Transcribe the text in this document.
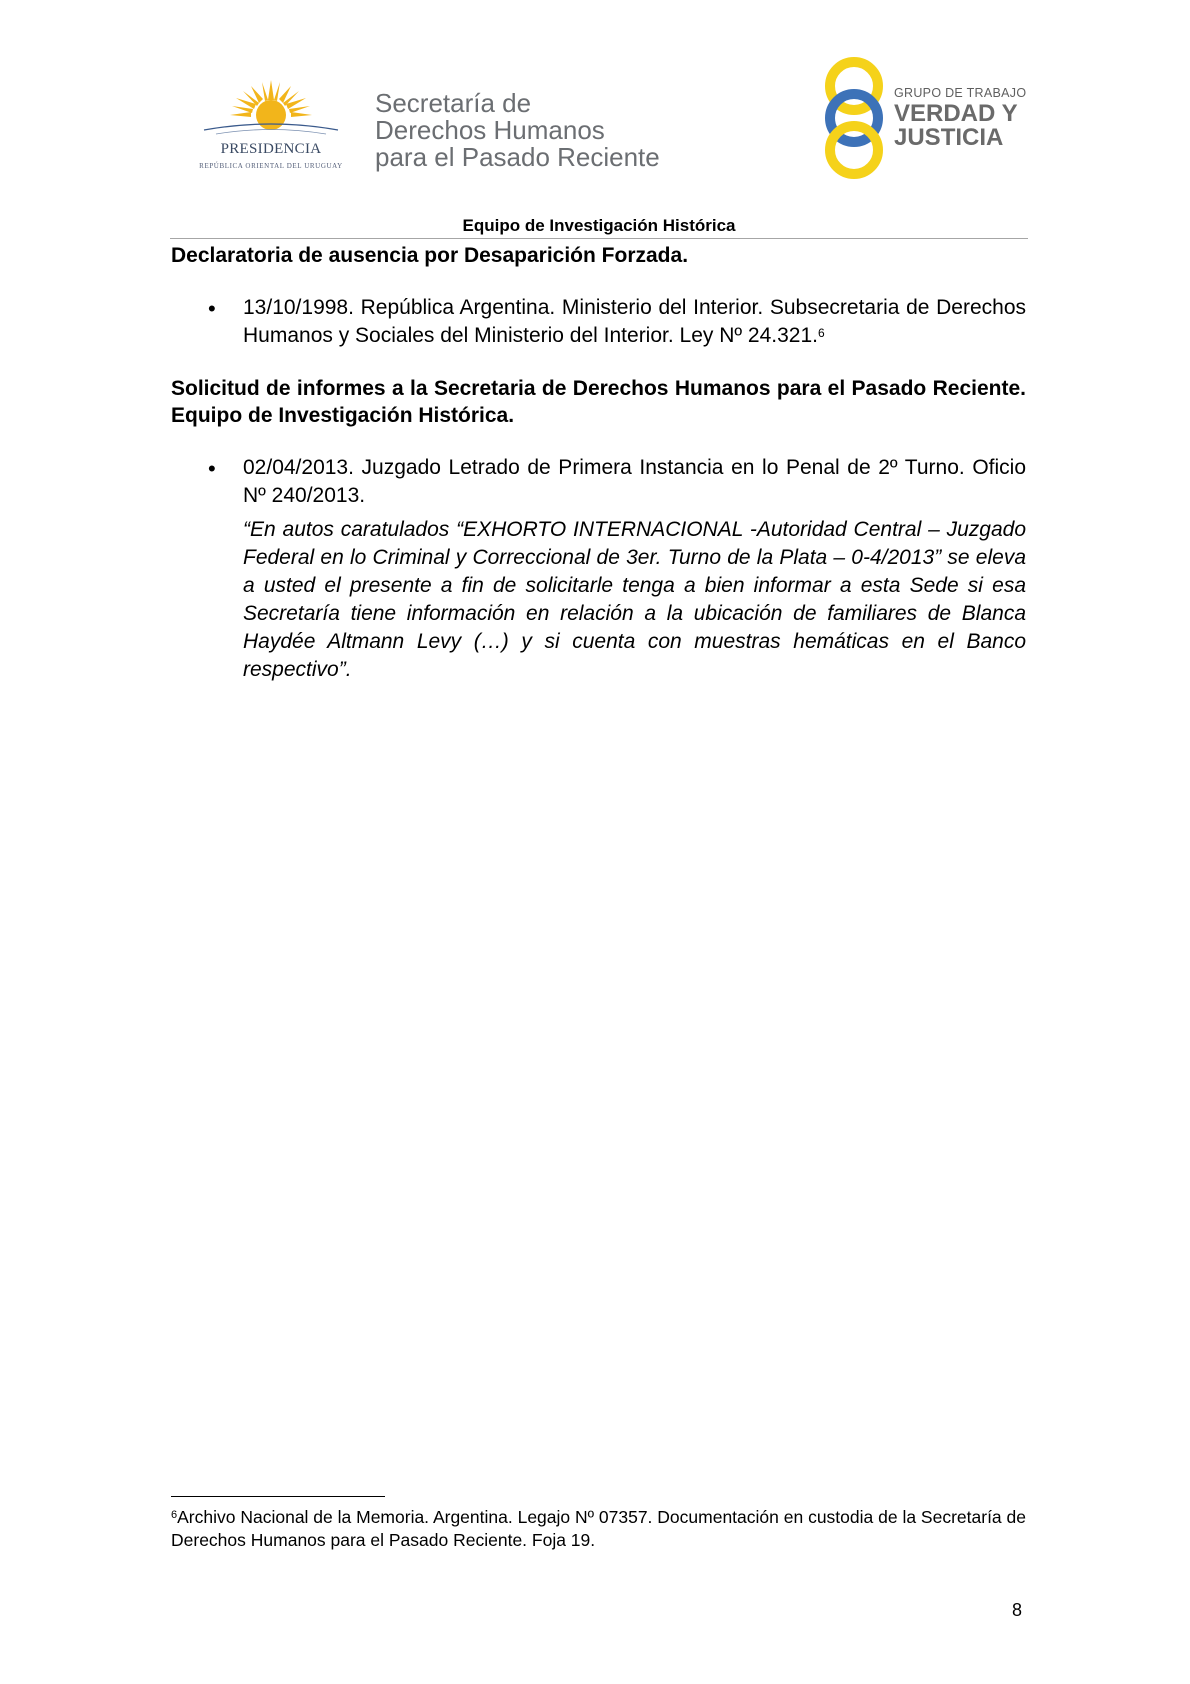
PRESIDENCIA
REPÚBLICA ORIENTAL DEL URUGUAY
Secretaría de
Derechos Humanos
para el Pasado Reciente
GRUPO DE TRABAJO
VERDAD Y
JUSTICIA
Equipo de Investigación Histórica

Declaratoria de ausencia por Desaparición Forzada.

• 13/10/1998. República Argentina. Ministerio del Interior. Subsecretaria de Derechos Humanos y Sociales del Ministerio del Interior. Ley Nº 24.321.$^6$

Solicitud de informes a la Secretaria de Derechos Humanos para el Pasado Reciente. Equipo de Investigación Histórica.

• 02/04/2013. Juzgado Letrado de Primera Instancia en lo Penal de 2º Turno. Oficio Nº 240/2013.

“En autos caratulados “EXHORTO INTERNACIONAL -Autoridad Central – Juzgado Federal en lo Criminal y Correccional de 3er. Turno de la Plata – 0-4/2013” se eleva a usted el presente a fin de solicitarle tenga a bien informar a esta Sede si esa Secretaría tiene información en relación a la ubicación de familiares de Blanca Haydée Altmann Levy (…) y si cuenta con muestras hemáticas en el Banco respectivo”.

$^6$Archivo Nacional de la Memoria. Argentina. Legajo Nº 07357. Documentación en custodia de la Secretaría de Derechos Humanos para el Pasado Reciente. Foja 19.

8
